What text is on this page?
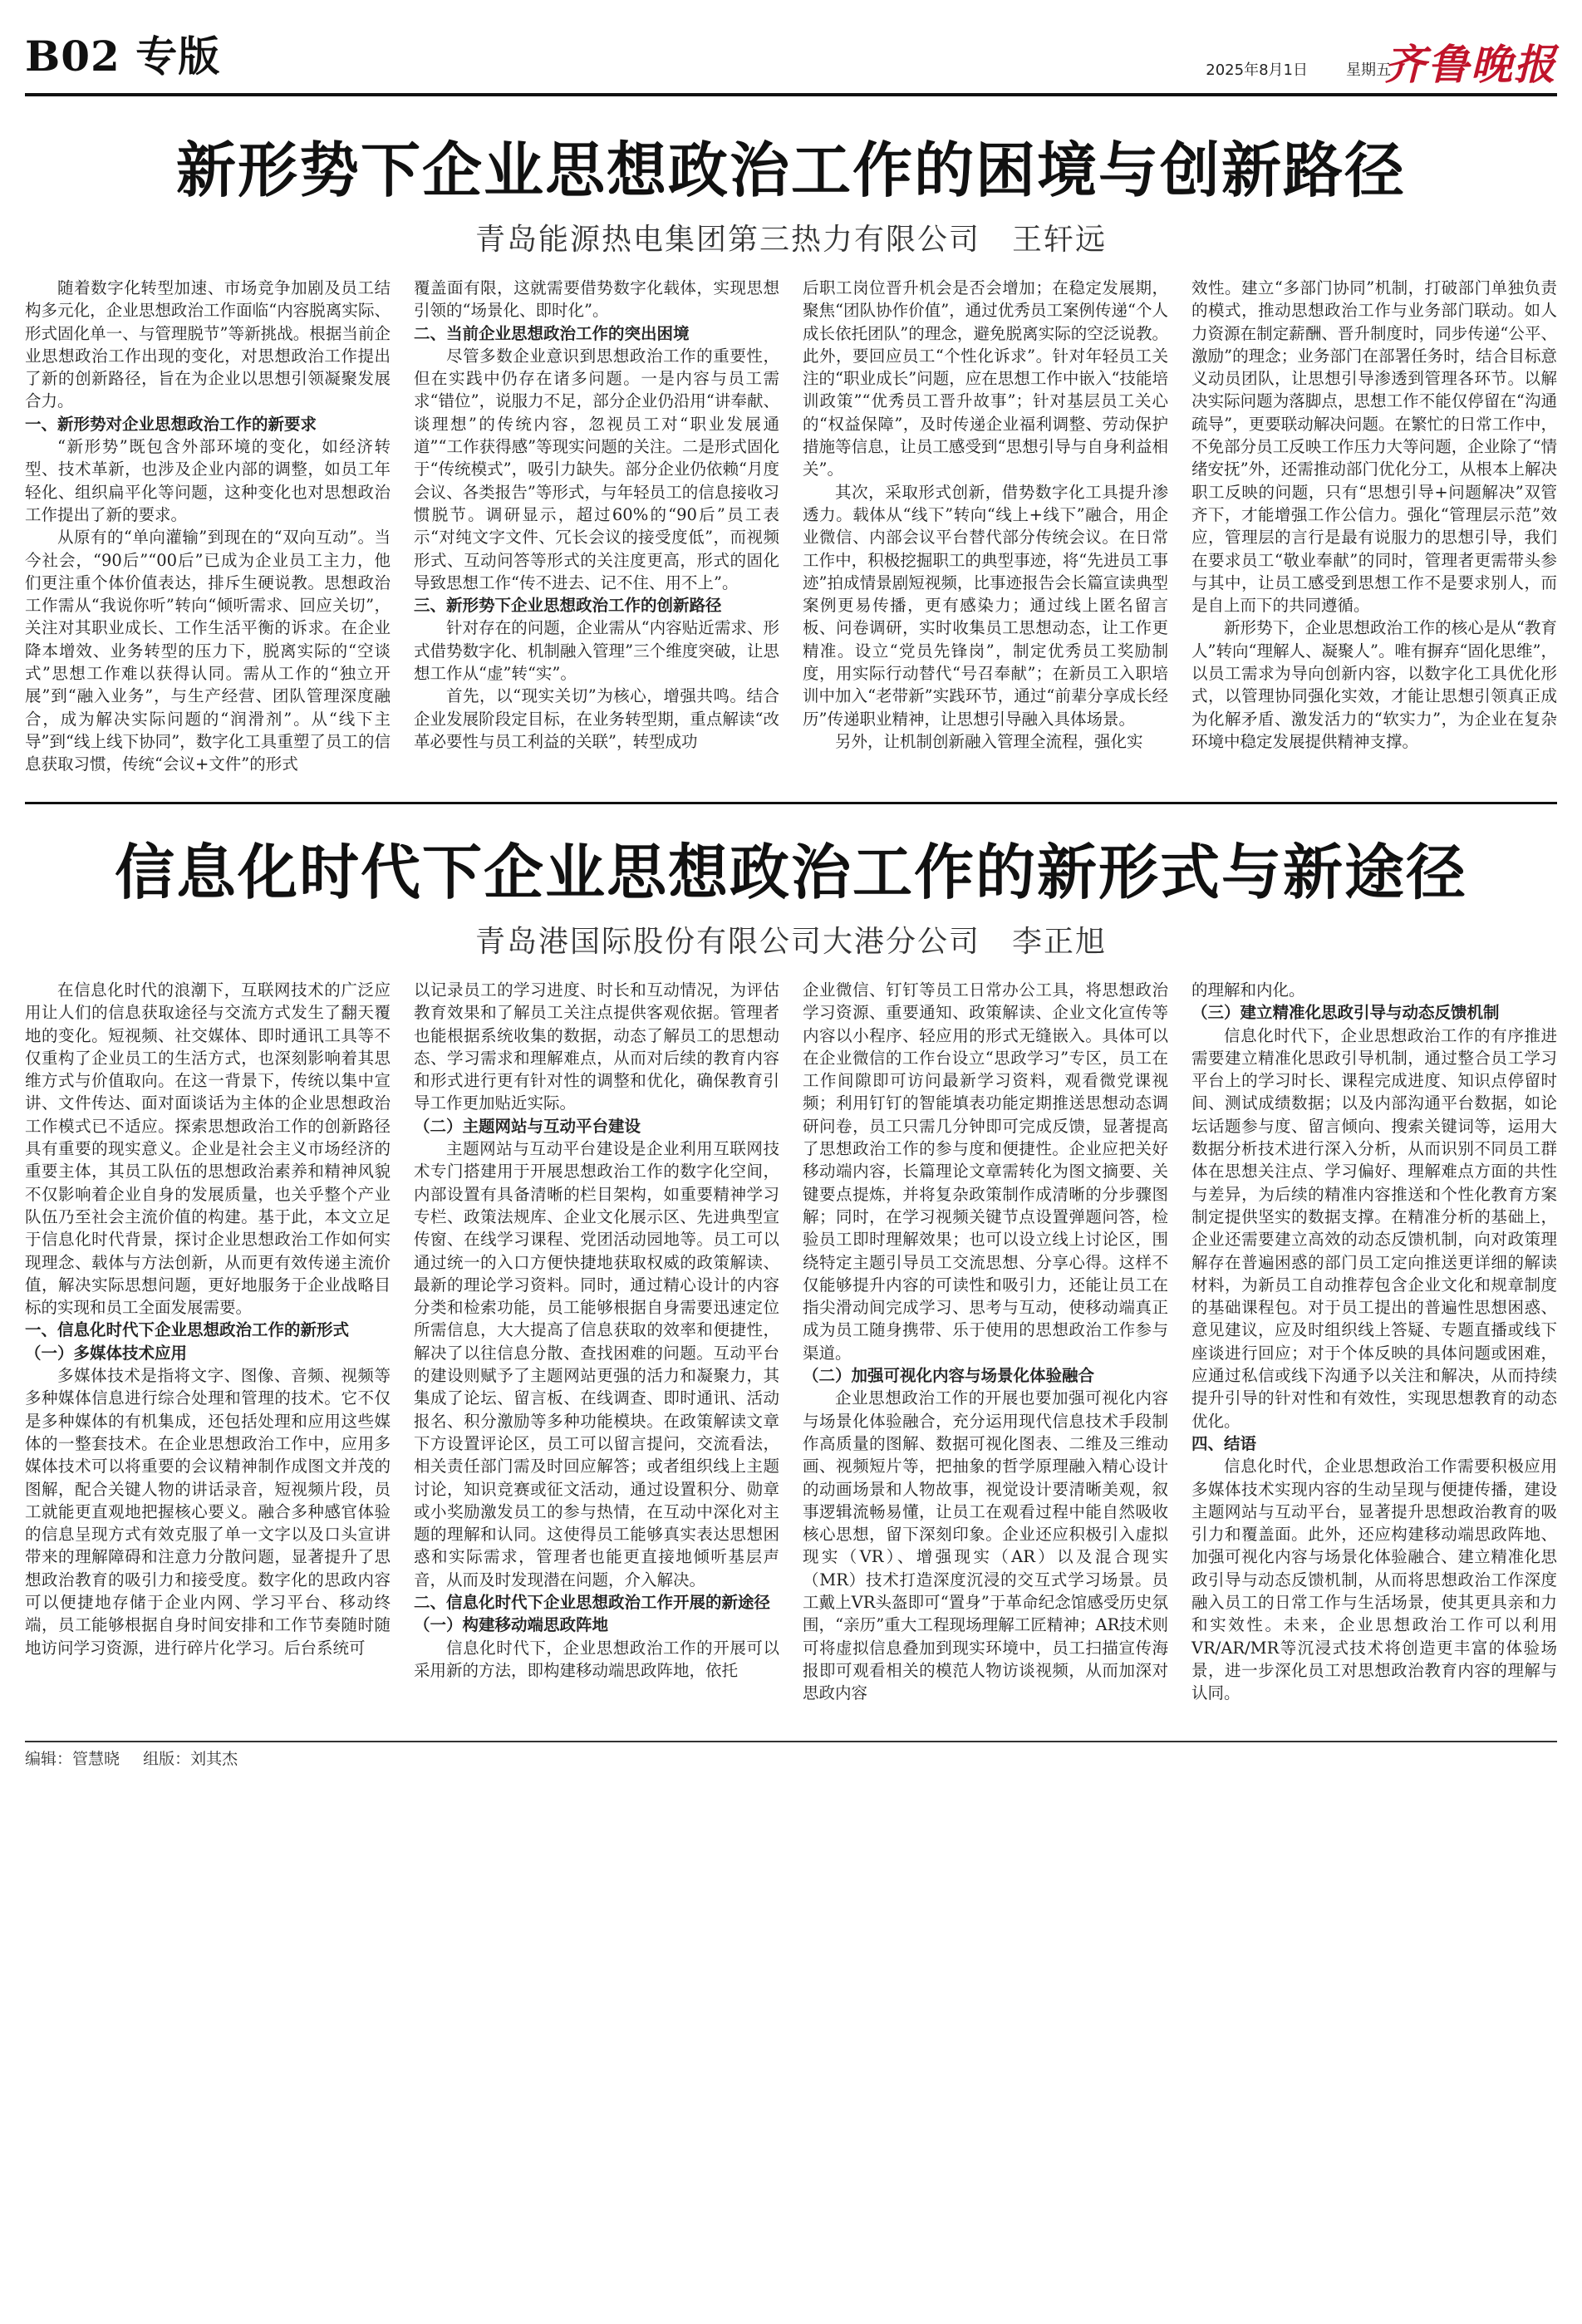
B02 专版	2025年8月1日	星期五
齐鲁晚报
新形势下企业思想政治工作的困境与创新路径
青岛能源热电集团第三热力有限公司　王轩远

随着数字化转型加速、市场竞争加剧及员工结构多元化，企业思想政治工作面临“内容脱离实际、形式固化单一、与管理脱节”等新挑战。根据当前企业思想政治工作出现的变化，对思想政治工作提出了新的创新路径，旨在为企业以思想引领凝聚发展合力。

一、新形势对企业思想政治工作的新要求

“新形势”既包含外部环境的变化，如经济转型、技术革新，也涉及企业内部的调整，如员工年轻化、组织扁平化等问题，这种变化也对思想政治工作提出了新的要求。

从原有的“单向灌输”到现在的“双向互动”。当今社会，“90后”“00后”已成为企业员工主力，他们更注重个体价值表达，排斥生硬说教。思想政治工作需从“我说你听”转向“倾听需求、回应关切”，关注对其职业成长、工作生活平衡的诉求。在企业降本增效、业务转型的压力下，脱离实际的“空谈式”思想工作难以获得认同。需从工作的“独立开展”到“融入业务”，与生产经营、团队管理深度融合，成为解决实际问题的“润滑剂”。从“线下主导”到“线上线下协同”，数字化工具重塑了员工的信息获取习惯，传统“会议+文件”的形式

覆盖面有限，这就需要借势数字化载体，实现思想引领的“场景化、即时化”。

二、当前企业思想政治工作的突出困境

尽管多数企业意识到思想政治工作的重要性，但在实践中仍存在诸多问题。一是内容与员工需求“错位”，说服力不足，部分企业仍沿用“讲奉献、谈理想”的传统内容，忽视员工对“职业发展通道”“工作获得感”等现实问题的关注。二是形式固化于“传统模式”，吸引力缺失。部分企业仍依赖“月度会议、各类报告”等形式，与年轻员工的信息接收习惯脱节。调研显示，超过60%的“90后”员工表示“对纯文字文件、冗长会议的接受度低”，而视频形式、互动问答等形式的关注度更高，形式的固化导致思想工作“传不进去、记不住、用不上”。

三、新形势下企业思想政治工作的创新路径

针对存在的问题，企业需从“内容贴近需求、形式借势数字化、机制融入管理”三个维度突破，让思想工作从“虚”转“实”。

首先，以“现实关切”为核心，增强共鸣。结合企业发展阶段定目标，在业务转型期，重点解读“改革必要性与员工利益的关联”，转型成功

后职工岗位晋升机会是否会增加；在稳定发展期，聚焦“团队协作价值”，通过优秀员工案例传递“个人成长依托团队”的理念，避免脱离实际的空泛说教。此外，要回应员工“个性化诉求”。针对年轻员工关注的“职业成长”问题，应在思想工作中嵌入“技能培训政策”“优秀员工晋升故事”；针对基层员工关心的“权益保障”，及时传递企业福利调整、劳动保护措施等信息，让员工感受到“思想引导与自身利益相关”。

其次，采取形式创新，借势数字化工具提升渗透力。载体从“线下”转向“线上+线下”融合，用企业微信、内部会议平台替代部分传统会议。在日常工作中，积极挖掘职工的典型事迹，将“先进员工事迹”拍成情景剧短视频，比事迹报告会长篇宣读典型案例更易传播，更有感染力；通过线上匿名留言板、问卷调研，实时收集员工思想动态，让工作更精准。设立“党员先锋岗”，制定优秀员工奖励制度，用实际行动替代“号召奉献”；在新员工入职培训中加入“老带新”实践环节，通过“前辈分享成长经历”传递职业精神，让思想引导融入具体场景。

另外，让机制创新融入管理全流程，强化实

效性。建立“多部门协同”机制，打破部门单独负责的模式，推动思想政治工作与业务部门联动。如人力资源在制定薪酬、晋升制度时，同步传递“公平、激励”的理念；业务部门在部署任务时，结合目标意义动员团队，让思想引导渗透到管理各环节。以解决实际问题为落脚点，思想工作不能仅停留在“沟通疏导”，更要联动解决问题。在繁忙的日常工作中，不免部分员工反映工作压力大等问题，企业除了“情绪安抚”外，还需推动部门优化分工，从根本上解决职工反映的问题，只有“思想引导+问题解决”双管齐下，才能增强工作公信力。强化“管理层示范”效应，管理层的言行是最有说服力的思想引导，我们在要求员工“敬业奉献”的同时，管理者更需带头参与其中，让员工感受到思想工作不是要求别人，而是自上而下的共同遵循。

新形势下，企业思想政治工作的核心是从“教育人”转向“理解人、凝聚人”。唯有摒弃“固化思维”，以员工需求为导向创新内容，以数字化工具优化形式，以管理协同强化实效，才能让思想引领真正成为化解矛盾、激发活力的“软实力”，为企业在复杂环境中稳定发展提供精神支撑。

信息化时代下企业思想政治工作的新形式与新途径
青岛港国际股份有限公司大港分公司　李正旭

在信息化时代的浪潮下，互联网技术的广泛应用让人们的信息获取途径与交流方式发生了翻天覆地的变化。短视频、社交媒体、即时通讯工具等不仅重构了企业员工的生活方式，也深刻影响着其思维方式与价值取向。在这一背景下，传统以集中宣讲、文件传达、面对面谈话为主体的企业思想政治工作模式已不适应。探索思想政治工作的创新路径具有重要的现实意义。企业是社会主义市场经济的重要主体，其员工队伍的思想政治素养和精神风貌不仅影响着企业自身的发展质量，也关乎整个产业队伍乃至社会主流价值的构建。基于此，本文立足于信息化时代背景，探讨企业思想政治工作如何实现理念、载体与方法创新，从而更有效传递主流价值，解决实际思想问题，更好地服务于企业战略目标的实现和员工全面发展需要。

一、信息化时代下企业思想政治工作的新形式
（一）多媒体技术应用

多媒体技术是指将文字、图像、音频、视频等多种媒体信息进行综合处理和管理的技术。它不仅是多种媒体的有机集成，还包括处理和应用这些媒体的一整套技术。在企业思想政治工作中，应用多媒体技术可以将重要的会议精神制作成图文并茂的图解，配合关键人物的讲话录音，短视频片段，员工就能更直观地把握核心要义。融合多种感官体验的信息呈现方式有效克服了单一文字以及口头宣讲带来的理解障碍和注意力分散问题，显著提升了思想政治教育的吸引力和接受度。数字化的思政内容可以便捷地存储于企业内网、学习平台、移动终端，员工能够根据自身时间安排和工作节奏随时随地访问学习资源，进行碎片化学习。后台系统可

以记录员工的学习进度、时长和互动情况，为评估教育效果和了解员工关注点提供客观依据。管理者也能根据系统收集的数据，动态了解员工的思想动态、学习需求和理解难点，从而对后续的教育内容和形式进行更有针对性的调整和优化，确保教育引导工作更加贴近实际。

（二）主题网站与互动平台建设

主题网站与互动平台建设是企业利用互联网技术专门搭建用于开展思想政治工作的数字化空间，内部设置有具备清晰的栏目架构，如重要精神学习专栏、政策法规库、企业文化展示区、先进典型宣传窗、在线学习课程、党团活动园地等。员工可以通过统一的入口方便快捷地获取权威的政策解读、最新的理论学习资料。同时，通过精心设计的内容分类和检索功能，员工能够根据自身需要迅速定位所需信息，大大提高了信息获取的效率和便捷性，解决了以往信息分散、查找困难的问题。互动平台的建设则赋予了主题网站更强的活力和凝聚力，其集成了论坛、留言板、在线调查、即时通讯、活动报名、积分激励等多种功能模块。在政策解读文章下方设置评论区，员工可以留言提问，交流看法，相关责任部门需及时回应解答；或者组织线上主题讨论，知识竞赛或征文活动，通过设置积分、勋章或小奖励激发员工的参与热情，在互动中深化对主题的理解和认同。这使得员工能够真实表达思想困惑和实际需求，管理者也能更直接地倾听基层声音，从而及时发现潜在问题，介入解决。

二、信息化时代下企业思想政治工作开展的新途径
（一）构建移动端思政阵地

信息化时代下，企业思想政治工作的开展可以采用新的方法，即构建移动端思政阵地，依托

企业微信、钉钉等员工日常办公工具，将思想政治学习资源、重要通知、政策解读、企业文化宣传等内容以小程序、轻应用的形式无缝嵌入。具体可以在企业微信的工作台设立“思政学习”专区，员工在工作间隙即可访问最新学习资料，观看微党课视频；利用钉钉的智能填表功能定期推送思想动态调研问卷，员工只需几分钟即可完成反馈，显著提高了思想政治工作的参与度和便捷性。企业应把关好移动端内容，长篇理论文章需转化为图文摘要、关键要点提炼，并将复杂政策制作成清晰的分步骤图解；同时，在学习视频关键节点设置弹题问答，检验员工即时理解效果；也可以设立线上讨论区，围绕特定主题引导员工交流思想、分享心得。这样不仅能够提升内容的可读性和吸引力，还能让员工在指尖滑动间完成学习、思考与互动，使移动端真正成为员工随身携带、乐于使用的思想政治工作参与渠道。

（二）加强可视化内容与场景化体验融合

企业思想政治工作的开展也要加强可视化内容与场景化体验融合，充分运用现代信息技术手段制作高质量的图解、数据可视化图表、二维及三维动画、视频短片等，把抽象的哲学原理融入精心设计的动画场景和人物故事，视觉设计要清晰美观，叙事逻辑流畅易懂，让员工在观看过程中能自然吸收核心思想，留下深刻印象。企业还应积极引入虚拟现实（VR）、增强现实（AR）以及混合现实（MR）技术打造深度沉浸的交互式学习场景。员工戴上VR头盔即可“置身”于革命纪念馆感受历史氛围，“亲历”重大工程现场理解工匠精神；AR技术则可将虚拟信息叠加到现实环境中，员工扫描宣传海报即可观看相关的模范人物访谈视频，从而加深对思政内容

的理解和内化。

（三）建立精准化思政引导与动态反馈机制

信息化时代下，企业思想政治工作的有序推进需要建立精准化思政引导机制，通过整合员工学习平台上的学习时长、课程完成进度、知识点停留时间、测试成绩数据；以及内部沟通平台数据，如论坛话题参与度、留言倾向、搜索关键词等，运用大数据分析技术进行深入分析，从而识别不同员工群体在思想关注点、学习偏好、理解难点方面的共性与差异，为后续的精准内容推送和个性化教育方案制定提供坚实的数据支撑。在精准分析的基础上，企业还需要建立高效的动态反馈机制，向对政策理解存在普遍困惑的部门员工定向推送更详细的解读材料，为新员工自动推荐包含企业文化和规章制度的基础课程包。对于员工提出的普遍性思想困惑、意见建议，应及时组织线上答疑、专题直播或线下座谈进行回应；对于个体反映的具体问题或困难，应通过私信或线下沟通予以关注和解决，从而持续提升引导的针对性和有效性，实现思想教育的动态优化。

四、结语

信息化时代，企业思想政治工作需要积极应用多媒体技术实现内容的生动呈现与便捷传播，建设主题网站与互动平台，显著提升思想政治教育的吸引力和覆盖面。此外，还应构建移动端思政阵地、加强可视化内容与场景化体验融合、建立精准化思政引导与动态反馈机制，从而将思想政治工作深度融入员工的日常工作与生活场景，使其更具亲和力和实效性。未来，企业思想政治工作可以利用VR/AR/MR等沉浸式技术将创造更丰富的体验场景，进一步深化员工对思想政治教育内容的理解与认同。

编辑：管慧晓 组版：刘其杰
